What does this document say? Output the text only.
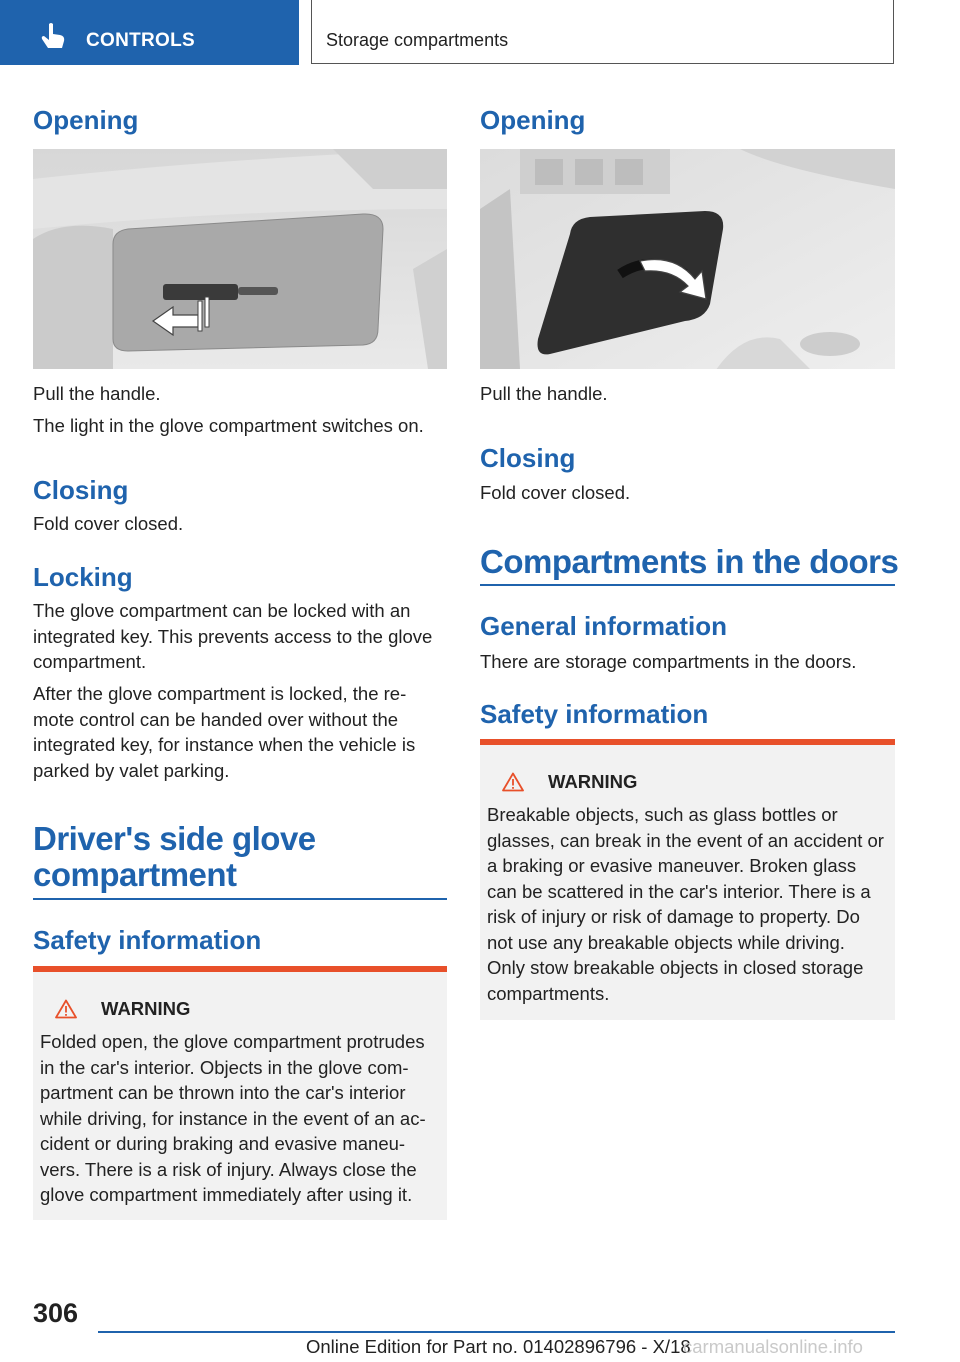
CONTROLS	Storage compartments
Opening
Pull the handle.
The light in the glove compartment switches on.
Closing
Fold cover closed.
Locking
The glove compartment can be locked with an integrated key. This prevents access to the glove compartment.
After the glove compartment is locked, the re-mote control can be handed over without the integrated key, for instance when the vehicle is parked by valet parking.
Driver's side glove compartment
Safety information
WARNING
Folded open, the glove compartment protrudes in the car's interior. Objects in the glove com-partment can be thrown into the car's interior while driving, for instance in the event of an ac-cident or during braking and evasive maneu-vers. There is a risk of injury. Always close the glove compartment immediately after using it.
Opening
Pull the handle.
Closing
Fold cover closed.
Compartments in the doors
General information
There are storage compartments in the doors.
Safety information
WARNING
Breakable objects, such as glass bottles or glasses, can break in the event of an accident or a braking or evasive maneuver. Broken glass can be scattered in the car's interior. There is a risk of injury or risk of damage to property. Do not use any breakable objects while driving. Only stow breakable objects in closed storage compartments.
306
Online Edition for Part no. 01402896796 - X/18
carmanualsonline.info
